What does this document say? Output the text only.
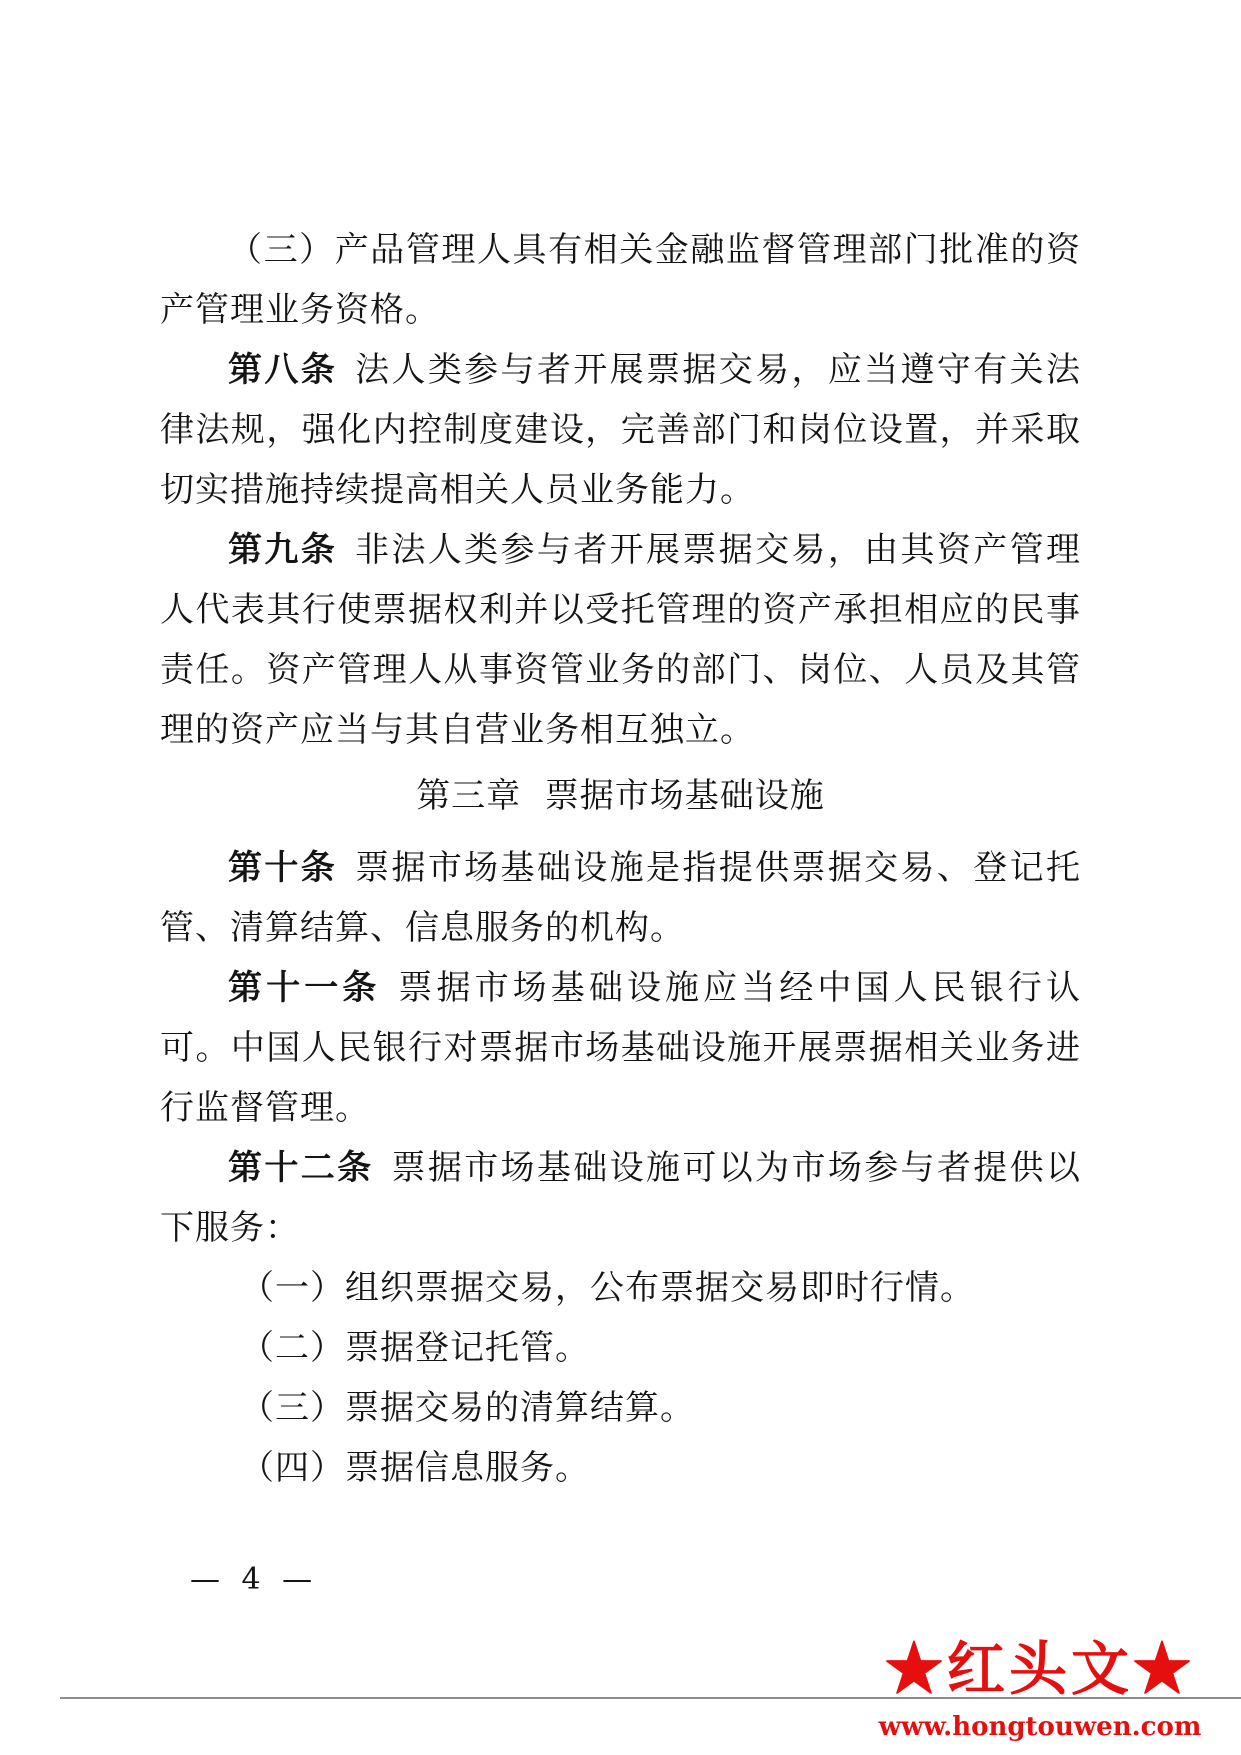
（三）产品管理人具有相关金融监督管理部门批准的资产管理业务资格。

第八条 法人类参与者开展票据交易，应当遵守有关法律法规，强化内控制度建设，完善部门和岗位设置，并采取切实措施持续提高相关人员业务能力。

第九条 非法人类参与者开展票据交易，由其资产管理人代表其行使票据权利并以受托管理的资产承担相应的民事责任。资产管理人从事资管业务的部门、岗位、人员及其管理的资产应当与其自营业务相互独立。

第三章  票据市场基础设施

第十条 票据市场基础设施是指提供票据交易、登记托管、清算结算、信息服务的机构。

第十一条 票据市场基础设施应当经中国人民银行认可。中国人民银行对票据市场基础设施开展票据相关业务进行监督管理。

第十二条 票据市场基础设施可以为市场参与者提供以下服务：

（一）组织票据交易，公布票据交易即时行情。

（二）票据登记托管。

（三）票据交易的清算结算。

（四）票据信息服务。

— 4 —
★红头文★
www.hongtouwen.com
